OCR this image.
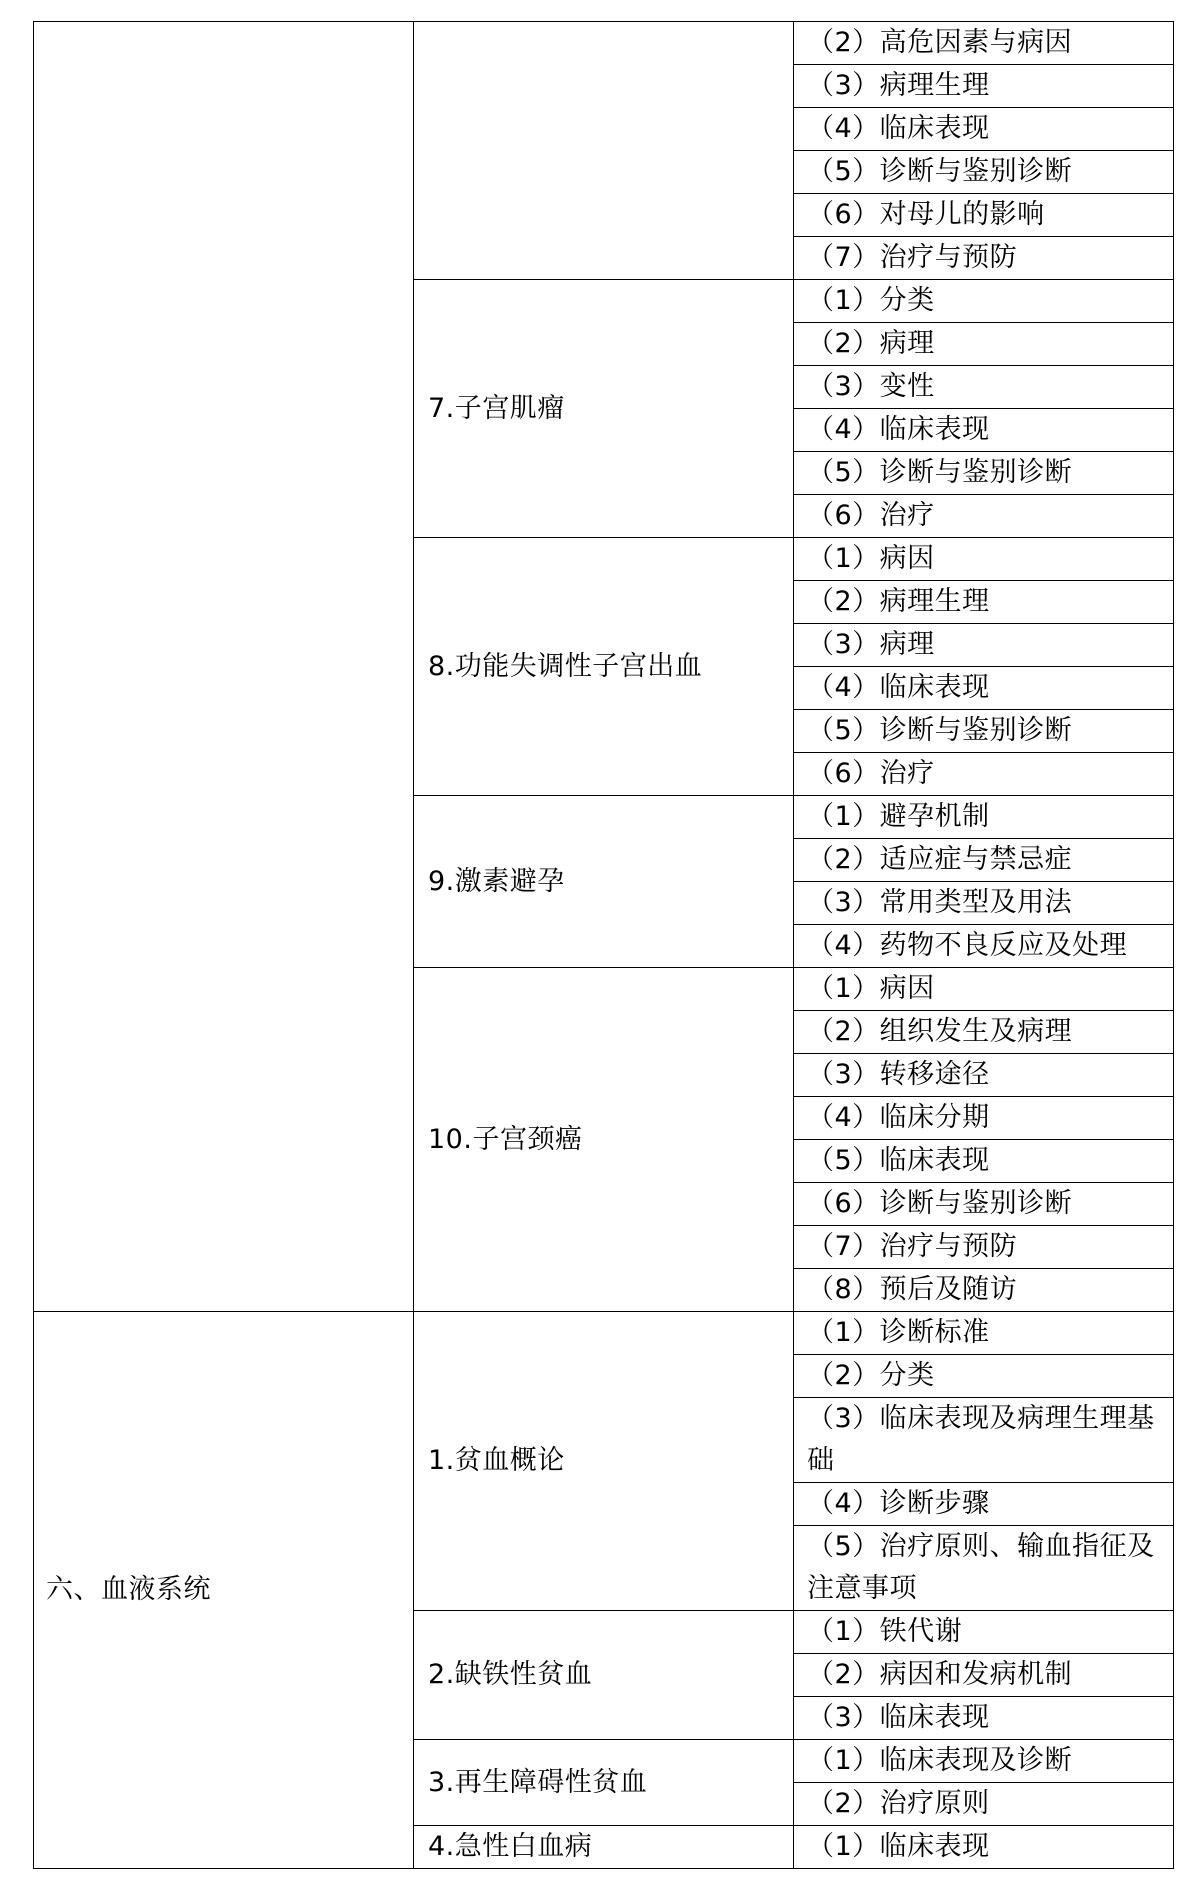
		（2）高危因素与病因
		（3）病理生理
		（4）临床表现
		（5）诊断与鉴别诊断
		（6）对母儿的影响
		（7）治疗与预防
	7.子宫肌瘤	（1）分类
		（2）病理
		（3）变性
		（4）临床表现
		（5）诊断与鉴别诊断
		（6）治疗
	8.功能失调性子宫出血	（1）病因
		（2）病理生理
		（3）病理
		（4）临床表现
		（5）诊断与鉴别诊断
		（6）治疗
	9.激素避孕	（1）避孕机制
		（2）适应症与禁忌症
		（3）常用类型及用法
		（4）药物不良反应及处理
	10.子宫颈癌	（1）病因
		（2）组织发生及病理
		（3）转移途径
		（4）临床分期
		（5）临床表现
		（6）诊断与鉴别诊断
		（7）治疗与预防
		（8）预后及随访
六、血液系统	1.贫血概论	（1）诊断标准
		（2）分类
		（3）临床表现及病理生理基础
		（4）诊断步骤
		（5）治疗原则、输血指征及注意事项
	2.缺铁性贫血	（1）铁代谢
		（2）病因和发病机制
		（3）临床表现
	3.再生障碍性贫血	（1）临床表现及诊断
		（2）治疗原则
	4.急性白血病	（1）临床表现
